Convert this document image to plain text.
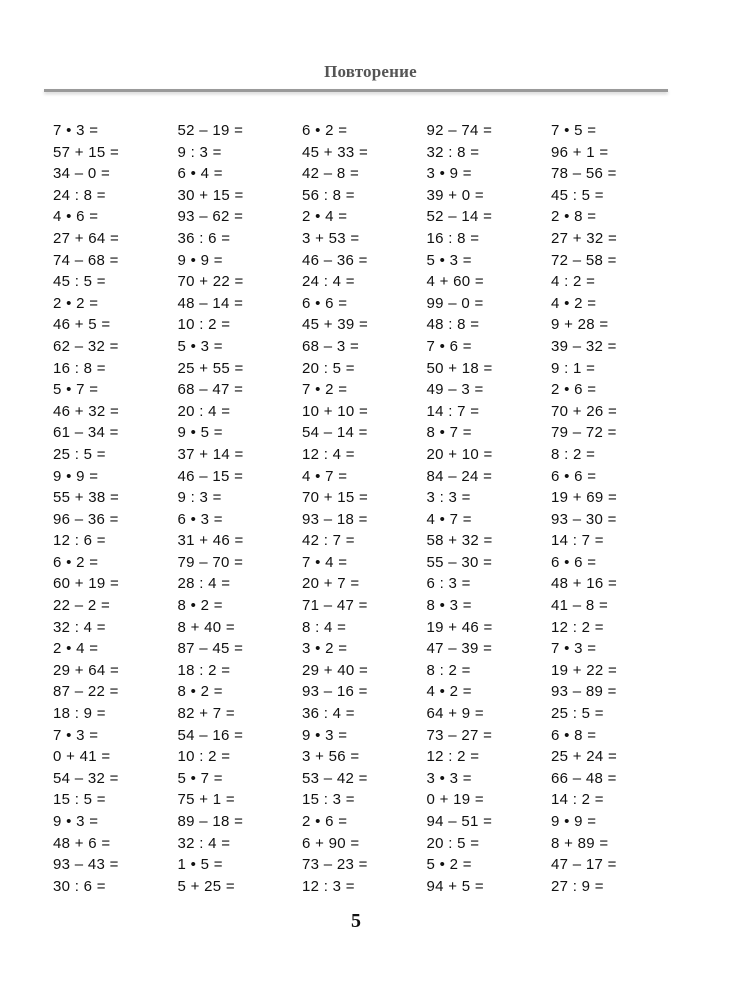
Повторение
7 • 3 =
57 + 15 =
34 – 0 =
24 : 8 =
4 • 6 =
27 + 64 =
74 – 68 =
45 : 5 =
2 • 2 =
46 + 5 =
62 – 32 =
16 : 8 =
5 • 7 =
46 + 32 =
61 – 34 =
25 : 5 =
9 • 9 =
55 + 38 =
96 – 36 =
12 : 6 =
6 • 2 =
60 + 19 =
22 – 2 =
32 : 4 =
2 • 4 =
29 + 64 =
87 – 22 =
18 : 9 =
7 • 3 =
0 + 41 =
54 – 32 =
15 : 5 =
9 • 3 =
48 + 6 =
93 – 43 =
30 : 6 =
52 – 19 =
9 : 3 =
6 • 4 =
30 + 15 =
93 – 62 =
36 : 6 =
9 • 9 =
70 + 22 =
48 – 14 =
10 : 2 =
5 • 3 =
25 + 55 =
68 – 47 =
20 : 4 =
9 • 5 =
37 + 14 =
46 – 15 =
9 : 3 =
6 • 3 =
31 + 46 =
79 – 70 =
28 : 4 =
8 • 2 =
8 + 40 =
87 – 45 =
18 : 2 =
8 • 2 =
82 + 7 =
54 – 16 =
10 : 2 =
5 • 7 =
75 + 1 =
89 – 18 =
32 : 4 =
1 • 5 =
5 + 25 =
6 • 2 =
45 + 33 =
42 – 8 =
56 : 8 =
2 • 4 =
3 + 53 =
46 – 36 =
24 : 4 =
6 • 6 =
45 + 39 =
68 – 3 =
20 : 5 =
7 • 2 =
10 + 10 =
54 – 14 =
12 : 4 =
4 • 7 =
70 + 15 =
93 – 18 =
42 : 7 =
7 • 4 =
20 + 7 =
71 – 47 =
8 : 4 =
3 • 2 =
29 + 40 =
93 – 16 =
36 : 4 =
9 • 3 =
3 + 56 =
53 – 42 =
15 : 3 =
2 • 6 =
6 + 90 =
73 – 23 =
12 : 3 =
92 – 74 =
32 : 8 =
3 • 9 =
39 + 0 =
52 – 14 =
16 : 8 =
5 • 3 =
4 + 60 =
99 – 0 =
48 : 8 =
7 • 6 =
50 + 18 =
49 – 3 =
14 : 7 =
8 • 7 =
20 + 10 =
84 – 24 =
3 : 3 =
4 • 7 =
58 + 32 =
55 – 30 =
6 : 3 =
8 • 3 =
19 + 46 =
47 – 39 =
8 : 2 =
4 • 2 =
64 + 9 =
73 – 27 =
12 : 2 =
3 • 3 =
0 + 19 =
94 – 51 =
20 : 5 =
5 • 2 =
94 + 5 =
7 • 5 =
96 + 1 =
78 – 56 =
45 : 5 =
2 • 8 =
27 + 32 =
72 – 58 =
4 : 2 =
4 • 2 =
9 + 28 =
39 – 32 =
9 : 1 =
2 • 6 =
70 + 26 =
79 – 72 =
8 : 2 =
6 • 6 =
19 + 69 =
93 – 30 =
14 : 7 =
6 • 6 =
48 + 16 =
41 – 8 =
12 : 2 =
7 • 3 =
19 + 22 =
93 – 89 =
25 : 5 =
6 • 8 =
25 + 24 =
66 – 48 =
14 : 2 =
9 • 9 =
8 + 89 =
47 – 17 =
27 : 9 =
5
